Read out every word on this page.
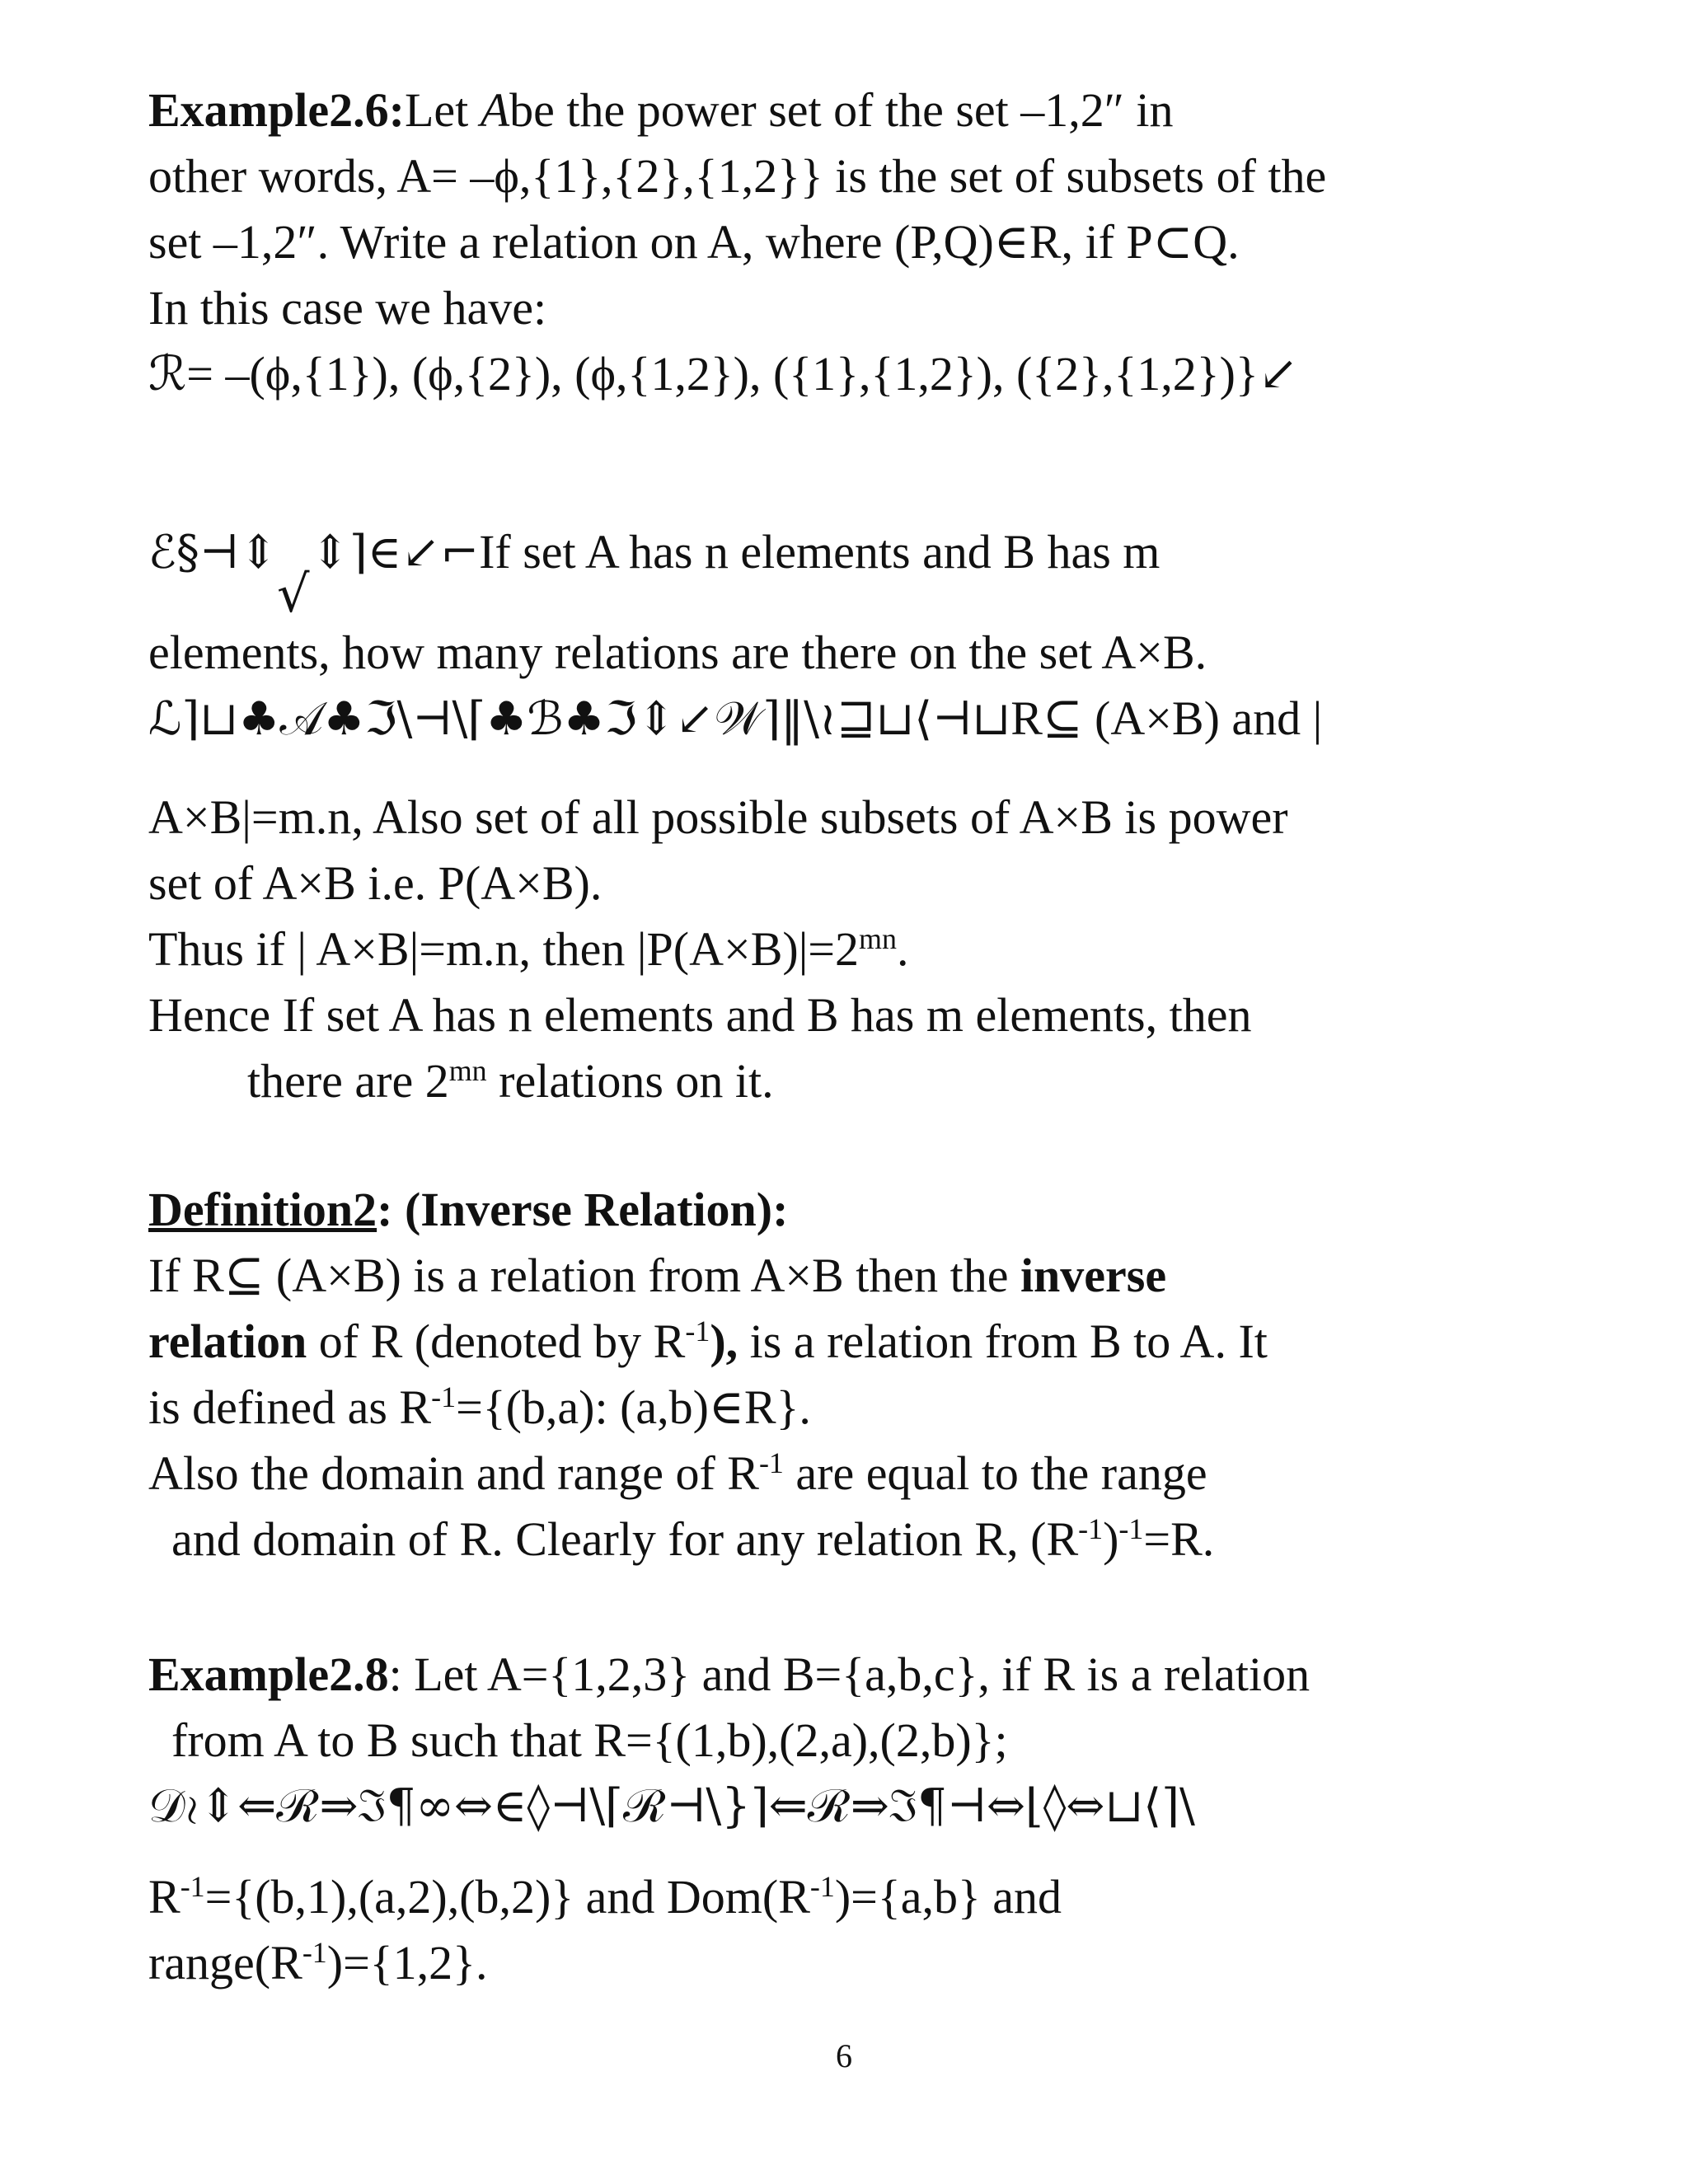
Example2.6:Let Abe the power set of the set –1,2″ in
other words, A= –ϕ,{1},{2},{1,2}} is the set of subsets of the
set –1,2″. Write a relation on A, where (P,Q)∈R, if P⊂Q.
In this case we have:
ℛ= –(ϕ,{1}), (ϕ,{2}), (ϕ,{1,2}), ({1},{1,2}), ({2},{1,2})}↙
ℰ§⊣⇕ ⇕⌉∈↙⌐If set A has n elements and B has m
√
elements, how many relations are there on the set A×B.
ℒ⌉⊔♣𝒜♣ℑ\⊣\⌈♣ℬ♣ℑ⇕↙𝒲⌉‖\≀⊒⊔⟨⊣⊔R⊆ (A×B) and |
A×B|=m.n, Also set of all possible subsets of A×B is power
set of A×B i.e. P(A×B).
Thus if | A×B|=m.n, then $|P(A\times B)|=2^{mn}$.
Hence If set A has n elements and B has m elements, then
there are $2^{mn}$ relations on it.
Definition2: (Inverse Relation):
If R⊆ (A×B) is a relation from A×B then the inverse
relation of R (denoted by $R^{-1}$), is a relation from B to A. It
is defined as $R^{-1}=\{(b,a)$: (a,b)∈R}.
Also the domain and range of $R^{-1}$ are equal to the range
and domain of R. Clearly for any relation R, $(R^{-1})^{-1}=R$.
Example2.8: Let A={1,2,3} and B={a,b,c}, if R is a relation
from A to B such that R={(1,b),(2,a),(2,b)};
𝒟≀⇕⇐ℛ⇒ℑ¶∞⇔∈◊⊣\⌈ℛ⊣\}⌉⇐ℛ⇒ℑ¶⊣⇔⌊◊⇔⊔⟨⌉\
$R^{-1}=\{(b,1),(a,2),(b,2)\}$ and $Dom(R^{-1})=\{a,b\}$ and
$range(R^{-1})=\{1,2\}$.
6
